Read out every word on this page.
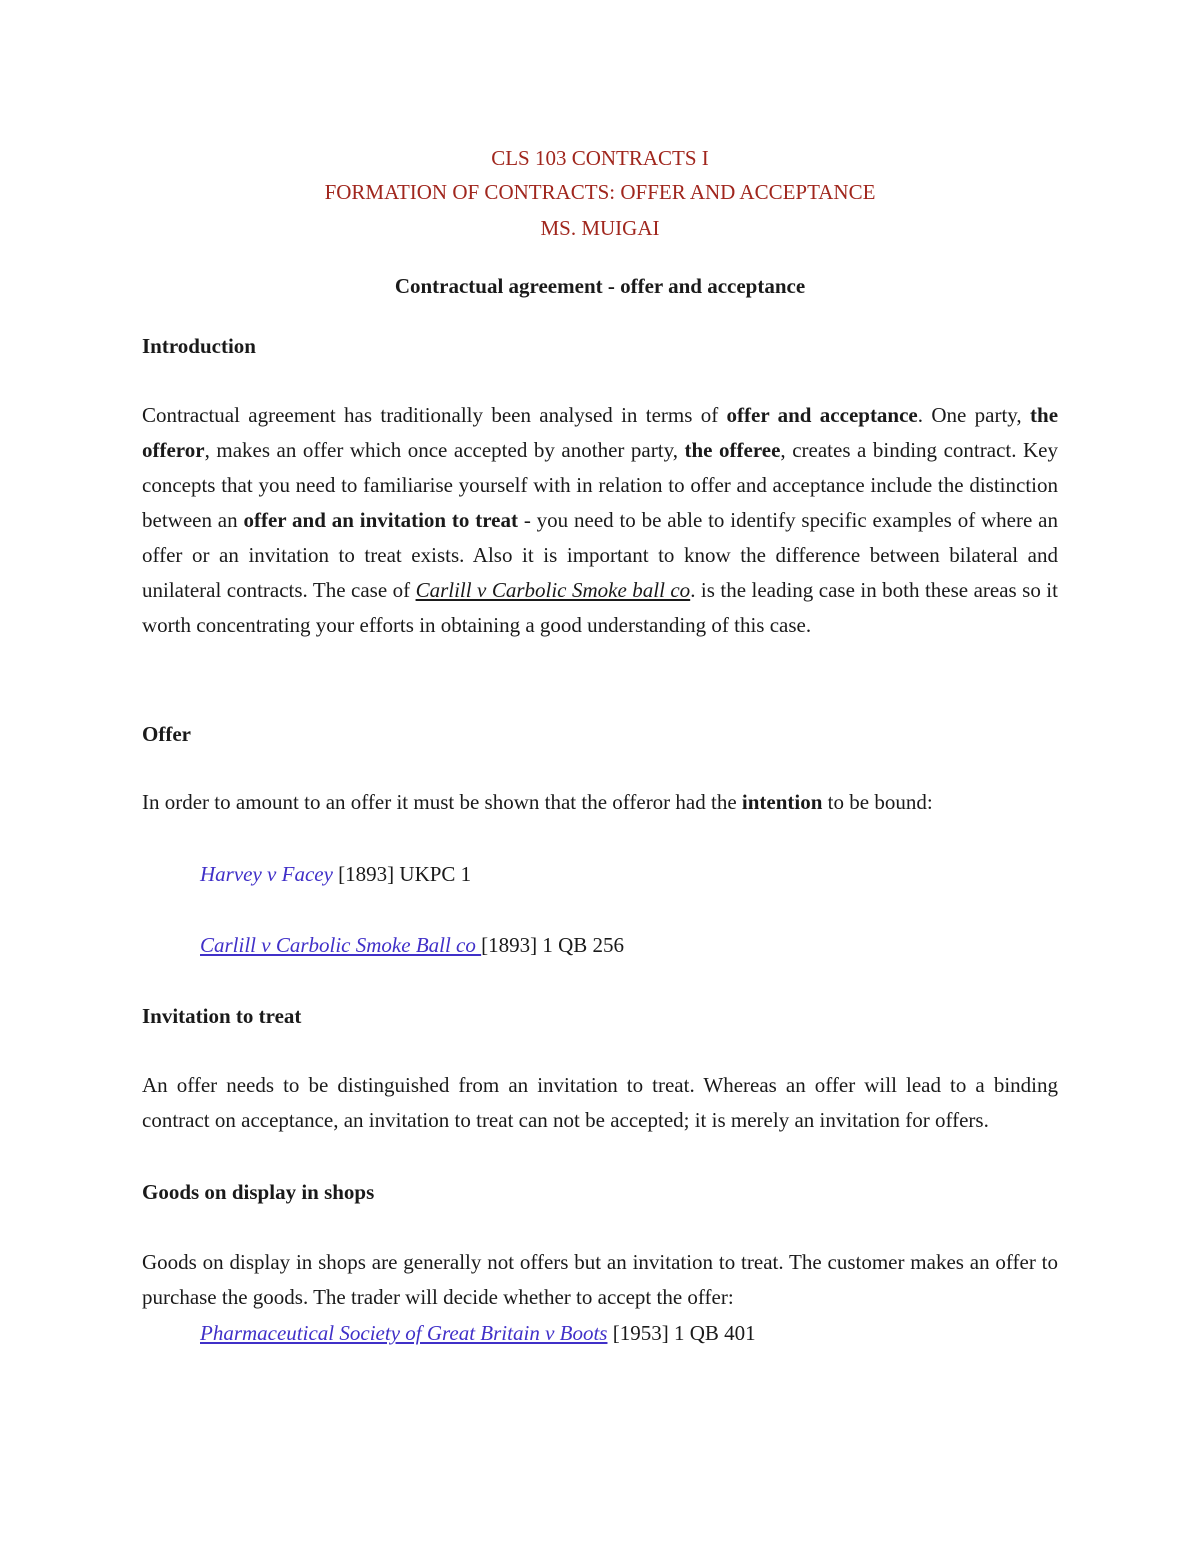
CLS 103 CONTRACTS I
FORMATION OF CONTRACTS: OFFER AND ACCEPTANCE
MS. MUIGAI
Contractual agreement - offer and acceptance
Introduction
Contractual agreement has traditionally been analysed in terms of offer and acceptance. One party, the offeror, makes an offer which once accepted by another party, the offeree, creates a binding contract. Key concepts that you need to familiarise yourself with in relation to offer and acceptance include the distinction between an offer and an invitation to treat - you need to be able to identify specific examples of where an offer or an invitation to treat exists. Also it is important to know the difference between bilateral and unilateral contracts. The case of Carlill v Carbolic Smoke ball co. is the leading case in both these areas so it worth concentrating your efforts in obtaining a good understanding of this case.
Offer
In order to amount to an offer it must be shown that the offeror had the intention to be bound:
Harvey v Facey [1893] UKPC 1
Carlill v Carbolic Smoke Ball co [1893] 1 QB 256
Invitation to treat
An offer needs to be distinguished from an invitation to treat. Whereas an offer will lead to a binding contract on acceptance, an invitation to treat can not be accepted; it is merely an invitation for offers.
Goods on display in shops
Goods on display in shops are generally not offers but an invitation to treat. The customer makes an offer to purchase the goods. The trader will decide whether to accept the offer:
Pharmaceutical Society of Great Britain v Boots [1953] 1 QB 401
